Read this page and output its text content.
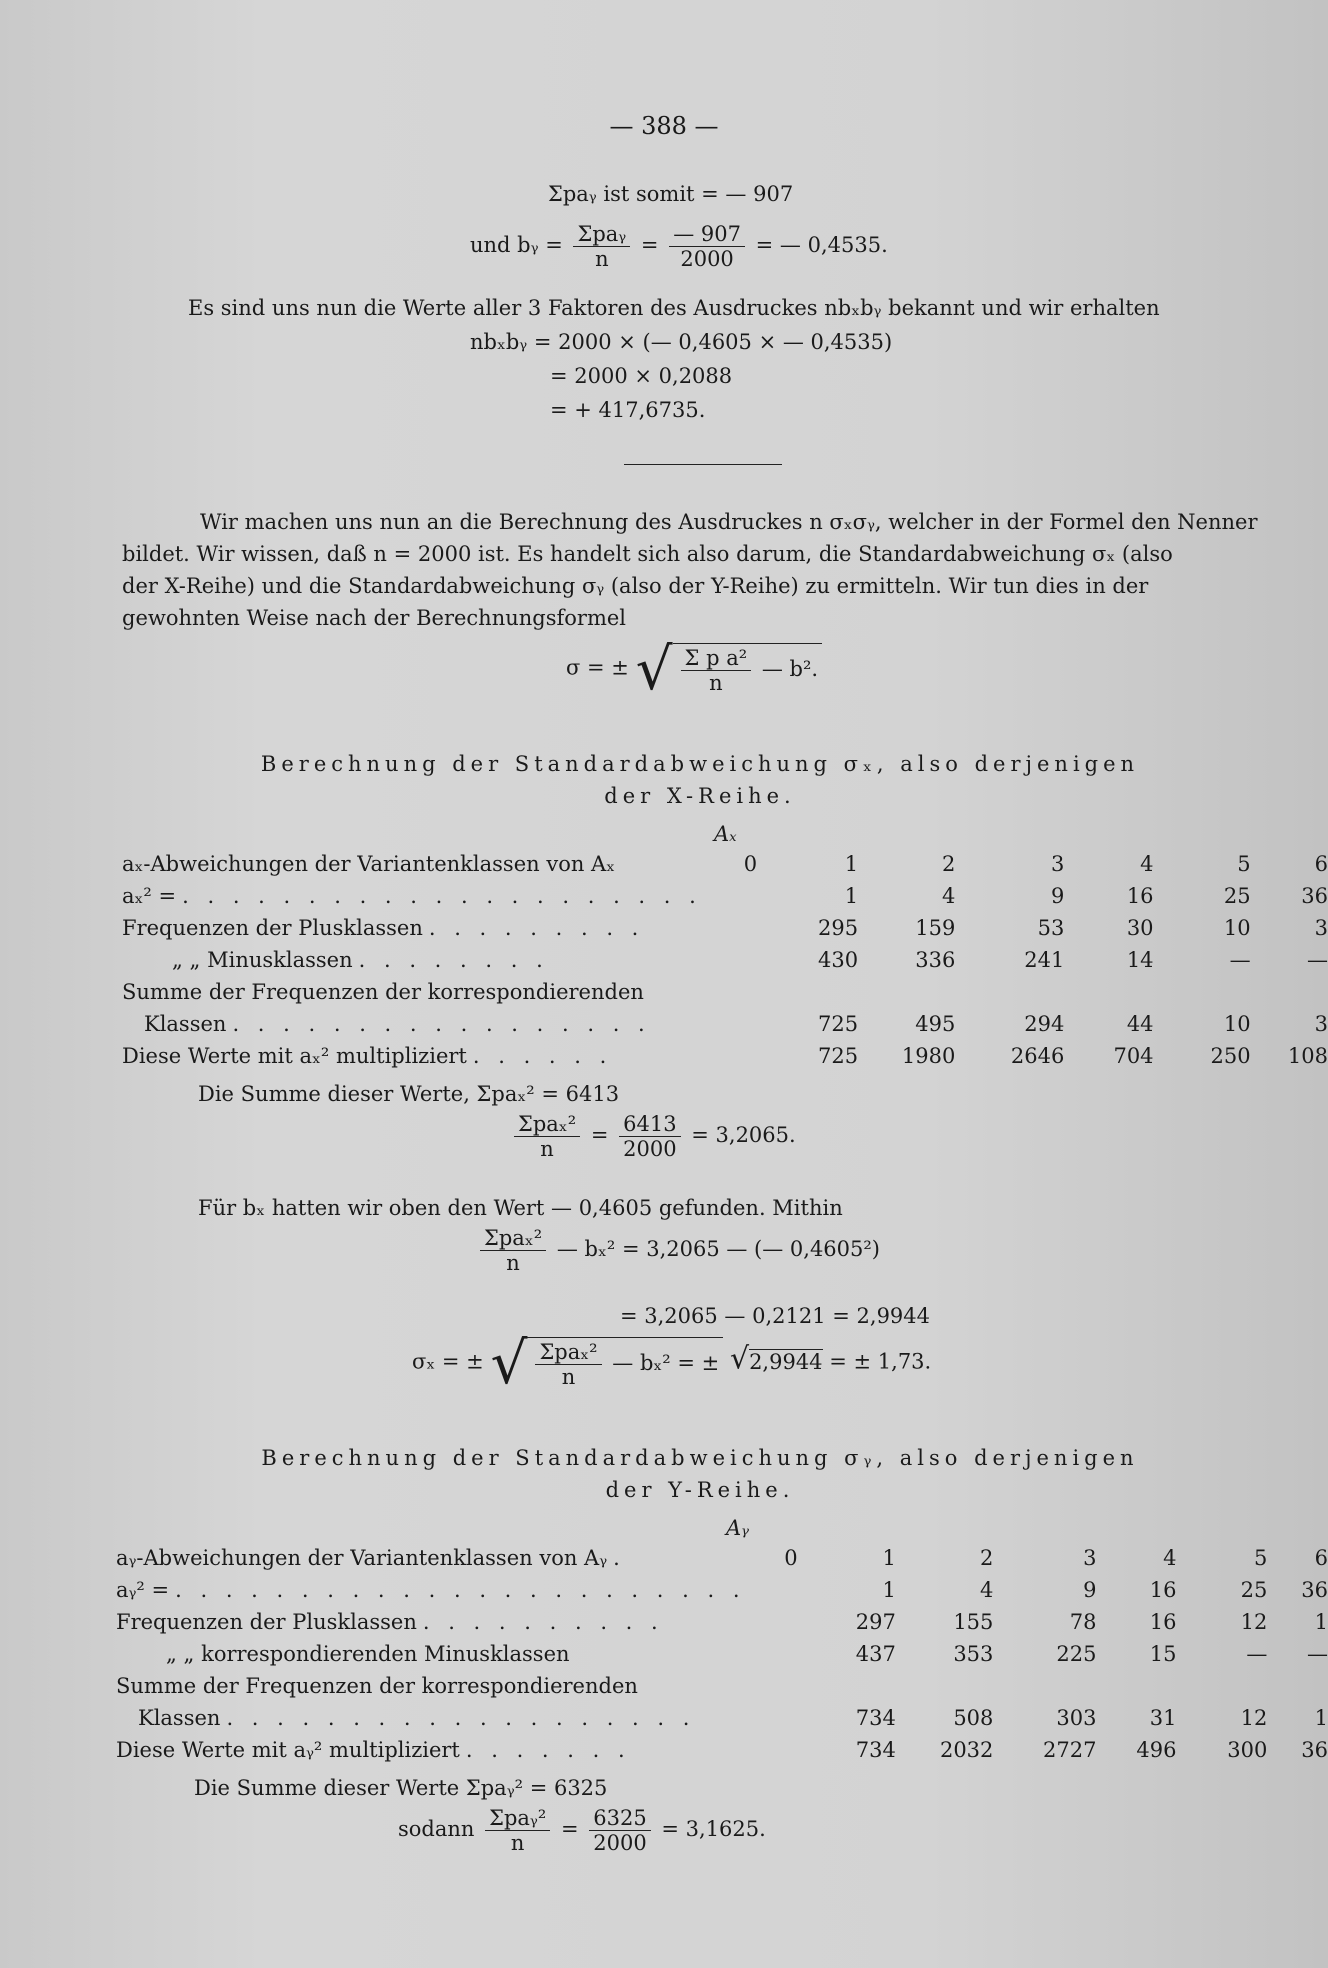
— 388 —
Σpaᵧ ist somit = — 907
und bᵧ = $\frac{\text{Σpaᵧ}}{n} = \frac{— 907}{2000}$ = — 0,4535.
Es sind uns nun die Werte aller 3 Faktoren des Ausdruckes nbₓbᵧ bekannt und wir erhalten
nbₓbᵧ = 2000 × (— 0,4605 × — 0,4535)
= 2000 × 0,2088
= + 417,6735.
Wir machen uns nun an die Berechnung des Ausdruckes n σₓσᵧ, welcher in der Formel den Nenner
bildet. Wir wissen, daß n = 2000 ist. Es handelt sich also darum, die Standardabweichung σₓ (also
der X-Reihe) und die Standardabweichung σᵧ (also der Y-Reihe) zu ermitteln. Wir tun dies in der
gewohnten Weise nach der Berechnungsformel
σ = ± √ $\frac{\text{Σ p a²}}{n}$ — b².
Berechnung der Standardabweichung σₓ, also derjenigen
der X-Reihe.
Aₓ
aₓ-Abweichungen der Variantenklassen von Aₓ	0	1	2	3	4	5	6
aₓ² = . . . . . . . . . . . . . . . . . . . . .		1	4	9	16	25	36
Frequenzen der Plusklassen . . . . . . . . .		295	159	53	30	10	3
„ „ Minusklassen . . . . . . . .		430	336	241	14	—	—
Summe der Frequenzen der korrespondierenden							
Klassen . . . . . . . . . . . . . . . . .		725	495	294	44	10	3
Diese Werte mit aₓ² multipliziert . . . . . .		725	1980	2646	704	250	108
Die Summe dieser Werte, Σpaₓ² = 6413
$\frac{\text{Σpaₓ²}}{n} = \frac{6413}{2000} = 3,2065$.
Für bₓ hatten wir oben den Wert — 0,4605 gefunden. Mithin
$\frac{\text{Σpaₓ²}}{n}$ — bₓ² = 3,2065 — (— 0,4605²)
= 3,2065 — 0,2121 = 2,9944
σₓ = ± √ $\frac{\text{Σpaₓ²}}{n}$ — bₓ² = ± √2,9944 = ± 1,73.
Berechnung der Standardabweichung σᵧ, also derjenigen
der Y-Reihe.
Aᵧ
aᵧ-Abweichungen der Variantenklassen von Aᵧ .	0	1	2	3	4	5	6
aᵧ² = . . . . . . . . . . . . . . . . . . . . . . .		1	4	9	16	25	36
Frequenzen der Plusklassen . . . . . . . . . .		297	155	78	16	12	1
„ „ korrespondierenden Minusklassen		437	353	225	15	—	—
Summe der Frequenzen der korrespondierenden							
Klassen . . . . . . . . . . . . . . . . . . .		734	508	303	31	12	1
Diese Werte mit aᵧ² multipliziert . . . . . . .		734	2032	2727	496	300	36
Die Summe dieser Werte Σpaᵧ² = 6325
sodann $\frac{\text{Σpaᵧ²}}{n} = \frac{6325}{2000} = 3,1625$.
